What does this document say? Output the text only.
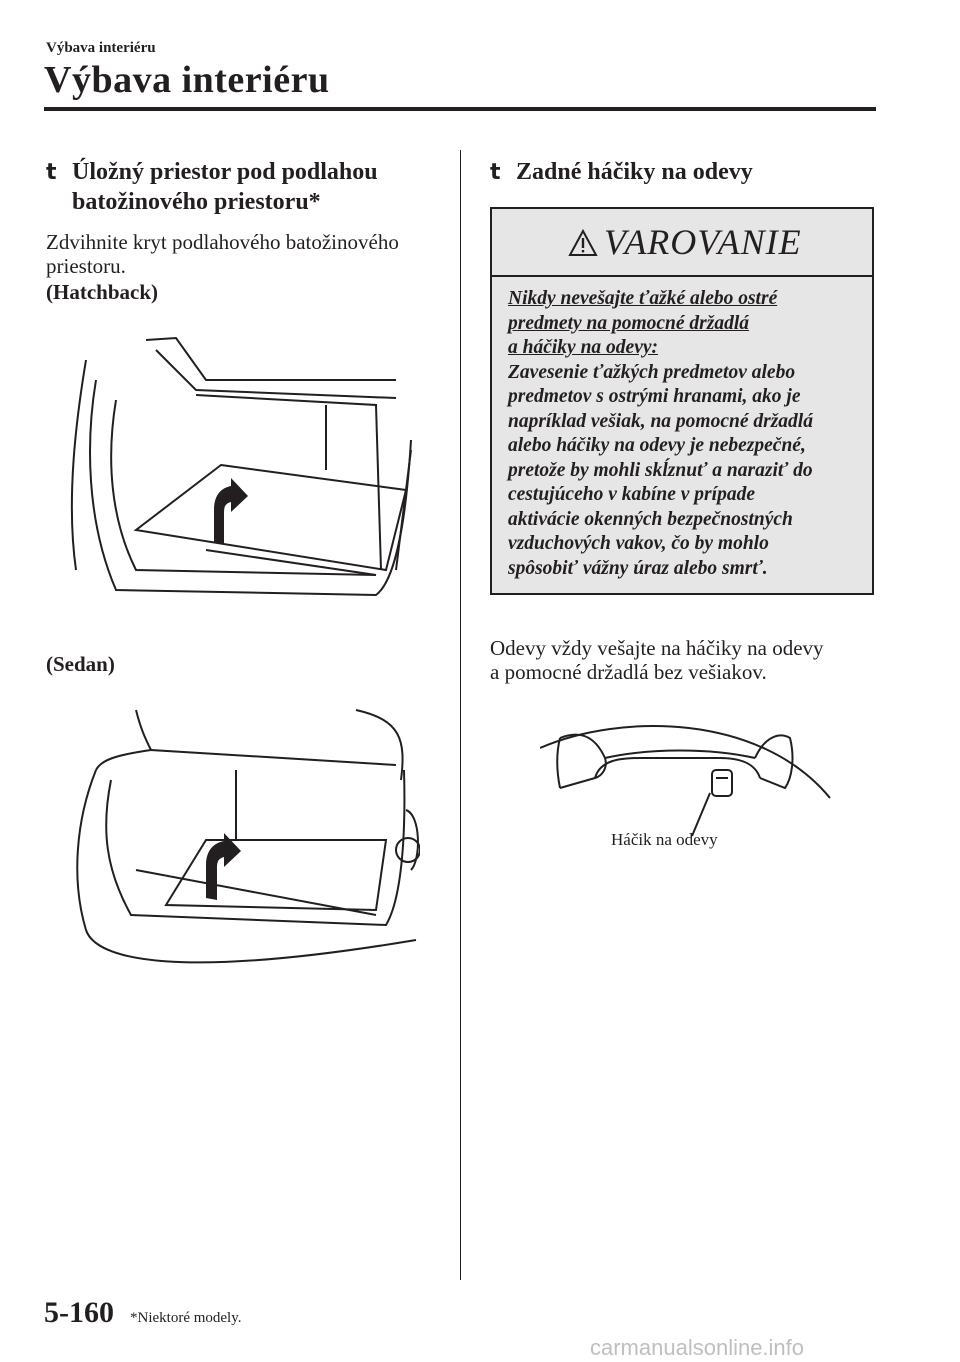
Výbava interiéru
Výbava interiéru
t Úložný priestor pod podlahou
batožinového priestoru*
Zdvihnite kryt podlahového batožinového
priestoru.
(Hatchback)
(Sedan)
t Zadné háčiky na odevy
VAROVANIE
Nikdy nevešajte ťažké alebo ostré
predmety na pomocné držadlá
a háčiky na odevy:
Zavesenie ťažkých predmetov alebo
predmetov s ostrými hranami, ako je
napríklad vešiak, na pomocné držadlá
alebo háčiky na odevy je nebezpečné,
pretože by mohli skĺznuť a naraziť do
cestujúceho v kabíne v prípade
aktivácie okenných bezpečnostných
vzduchových vakov, čo by mohlo
spôsobiť vážny úraz alebo smrť.
Odevy vždy vešajte na háčiky na odevy
a pomocné držadlá bez vešiakov.
Háčik na odevy
5-160 *Niektoré modely.
carmanualsonline.info
